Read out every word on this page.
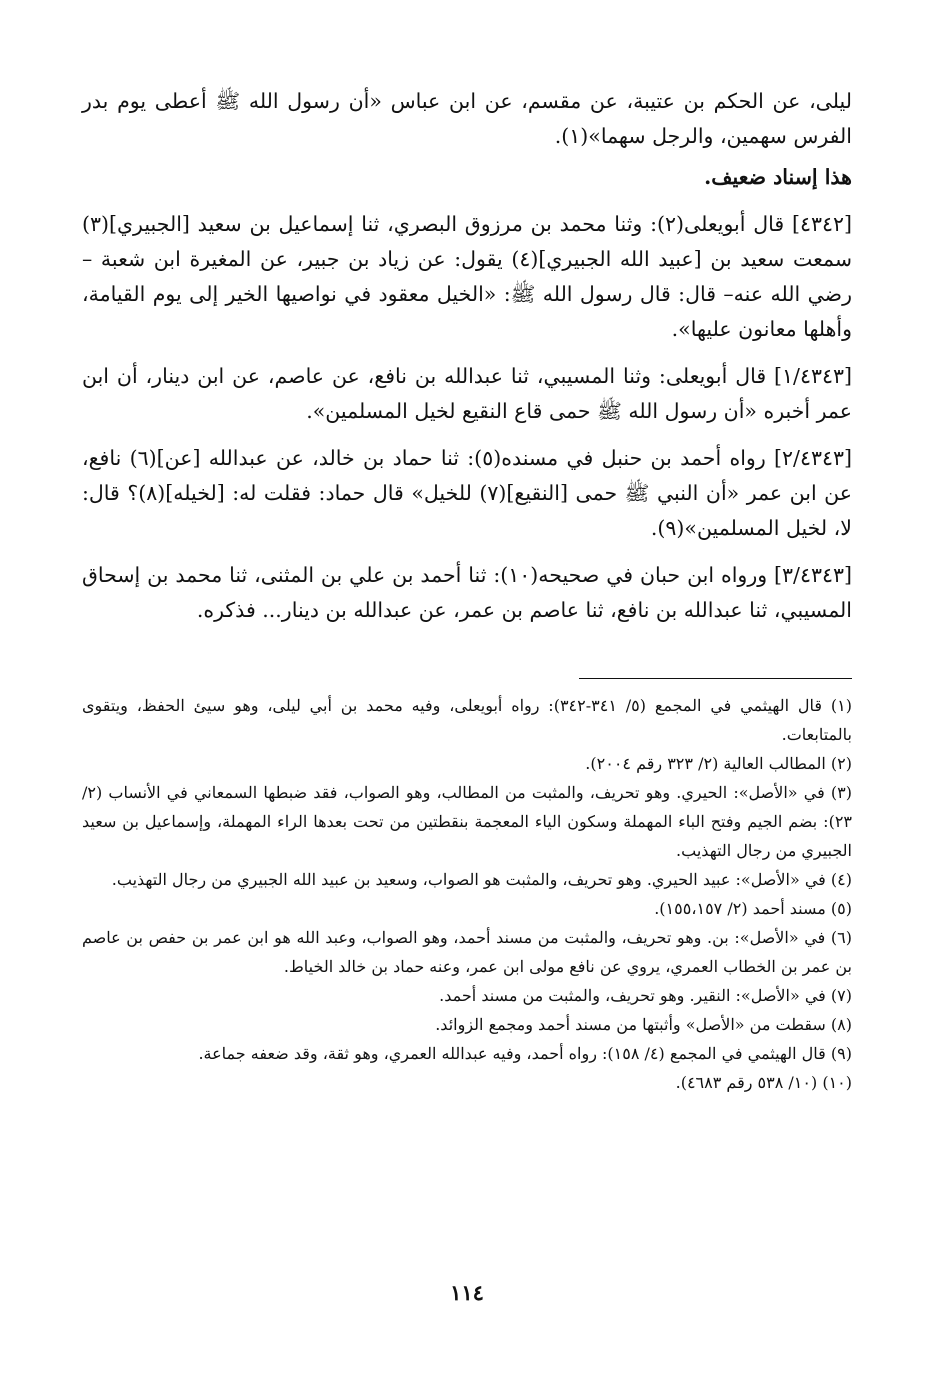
ليلى، عن الحكم بن عتيبة، عن مقسم، عن ابن عباس «أن رسول الله ﷺ أعطى يوم بدر الفرس سهمين، والرجل سهما»(١).

هذا إسناد ضعيف.

[٤٣٤٢] قال أبويعلى(٢): وثنا محمد بن مرزوق البصري، ثنا إسماعيل بن سعيد [الجبيري](٣) سمعت سعيد بن [عبيد الله الجبيري](٤) يقول: عن زياد بن جبير، عن المغيرة ابن شعبة –رضي الله عنه– قال: قال رسول الله ﷺ: «الخيل معقود في نواصيها الخير إلى يوم القيامة، وأهلها معانون عليها».

[١/٤٣٤٣] قال أبويعلى: وثنا المسيبي، ثنا عبدالله بن نافع، عن عاصم، عن ابن دينار، أن ابن عمر أخبره «أن رسول الله ﷺ حمى قاع النقيع لخيل المسلمين».

[٢/٤٣٤٣] رواه أحمد بن حنبل في مسنده(٥): ثنا حماد بن خالد، عن عبدالله [عن](٦) نافع، عن ابن عمر «أن النبي ﷺ حمى [النقيع](٧) للخيل» قال حماد: فقلت له: [لخيله](٨)؟ قال: لا، لخيل المسلمين»(٩).

[٣/٤٣٤٣] ورواه ابن حبان في صحيحه(١٠): ثنا أحمد بن علي بن المثنى، ثنا محمد بن إسحاق المسيبي، ثنا عبدالله بن نافع، ثنا عاصم بن عمر، عن عبدالله بن دينار... فذكره.

(١) قال الهيثمي في المجمع (٥/ ٣٤١-٣٤٢): رواه أبويعلى، وفيه محمد بن أبي ليلى، وهو سيئ الحفظ، ويتقوى بالمتابعات.
(٢) المطالب العالية (٢/ ٣٢٣ رقم ٢٠٠٤).
(٣) في «الأصل»: الحيري. وهو تحريف، والمثبت من المطالب، وهو الصواب، فقد ضبطها السمعاني في الأنساب (٢/ ٢٣): بضم الجيم وفتح الباء المهملة وسكون الياء المعجمة بنقطتين من تحت بعدها الراء المهملة، وإسماعيل بن سعيد الجبيري من رجال التهذيب.
(٤) في «الأصل»: عبيد الحيري. وهو تحريف، والمثبت هو الصواب، وسعيد بن عبيد الله الجبيري من رجال التهذيب.
(٥) مسند أحمد (٢/ ١٥٥،١٥٧).
(٦) في «الأصل»: بن. وهو تحريف، والمثبت من مسند أحمد، وهو الصواب، وعبد الله هو ابن عمر بن حفص بن عاصم بن عمر بن الخطاب العمري، يروي عن نافع مولى ابن عمر، وعنه حماد بن خالد الخياط.
(٧) في «الأصل»: النقير. وهو تحريف، والمثبت من مسند أحمد.
(٨) سقطت من «الأصل» وأثبتها من مسند أحمد ومجمع الزوائد.
(٩) قال الهيثمي في المجمع (٤/ ١٥٨): رواه أحمد، وفيه عبدالله العمري، وهو ثقة، وقد ضعفه جماعة.
(١٠) (١٠/ ٥٣٨ رقم ٤٦٨٣).
١١٤
